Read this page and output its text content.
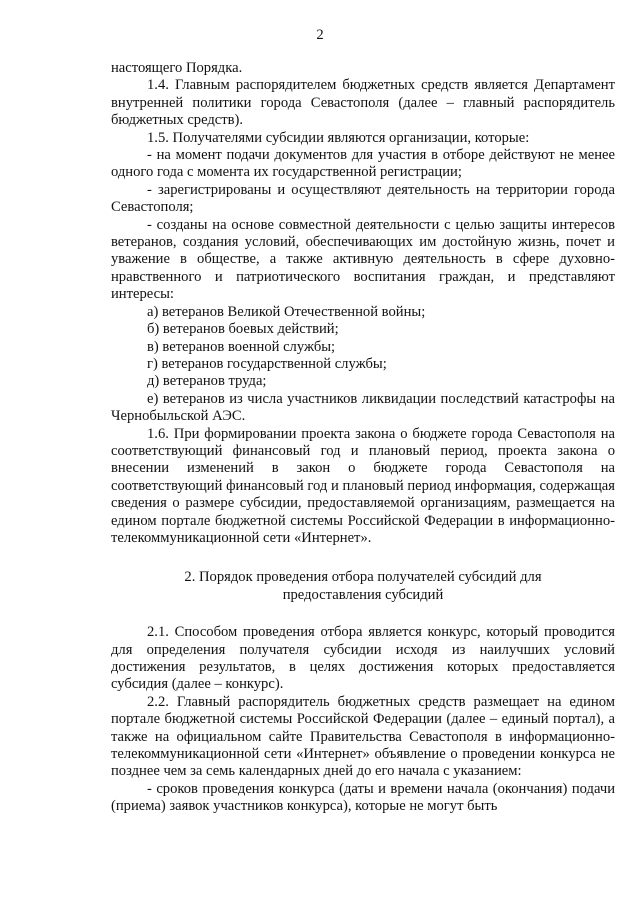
2

настоящего Порядка.

1.4. Главным распорядителем бюджетных средств является Департамент внутренней политики города Севастополя (далее – главный распорядитель бюджетных средств).

1.5. Получателями субсидии являются организации, которые:

- на момент подачи документов для участия в отборе действуют не менее одного года с момента их государственной регистрации;

- зарегистрированы и осуществляют деятельность на территории города Севастополя;

- созданы на основе совместной деятельности с целью защиты интересов ветеранов, создания условий, обеспечивающих им достойную жизнь, почет и уважение в обществе, а также активную деятельность в сфере духовно-нравственного и патриотического воспитания граждан, и представляют интересы:

а) ветеранов Великой Отечественной войны;

б) ветеранов боевых действий;

в) ветеранов военной службы;

г) ветеранов государственной службы;

д) ветеранов труда;

е) ветеранов из числа участников ликвидации последствий катастрофы на Чернобыльской АЭС.

1.6. При формировании проекта закона о бюджете города Севастополя на соответствующий финансовый год и плановый период, проекта закона о внесении изменений в закон о бюджете города Севастополя на соответствующий финансовый год и плановый период информация, содержащая сведения о размере субсидии, предоставляемой организациям, размещается на едином портале бюджетной системы Российской Федерации в информационно-телекоммуникационной сети «Интернет».

2. Порядок проведения отбора получателей субсидий для
предоставления субсидий

2.1. Способом проведения отбора является конкурс, который проводится для определения получателя субсидии исходя из наилучших условий достижения результатов, в целях достижения которых предоставляется субсидия (далее – конкурс).

2.2. Главный распорядитель бюджетных средств размещает на едином портале бюджетной системы Российской Федерации (далее – единый портал), а также на официальном сайте Правительства Севастополя в информационно-телекоммуникационной сети «Интернет» объявление о проведении конкурса не позднее чем за семь календарных дней до его начала с указанием:

- сроков проведения конкурса (даты и времени начала (окончания) подачи (приема) заявок участников конкурса), которые не могут быть
